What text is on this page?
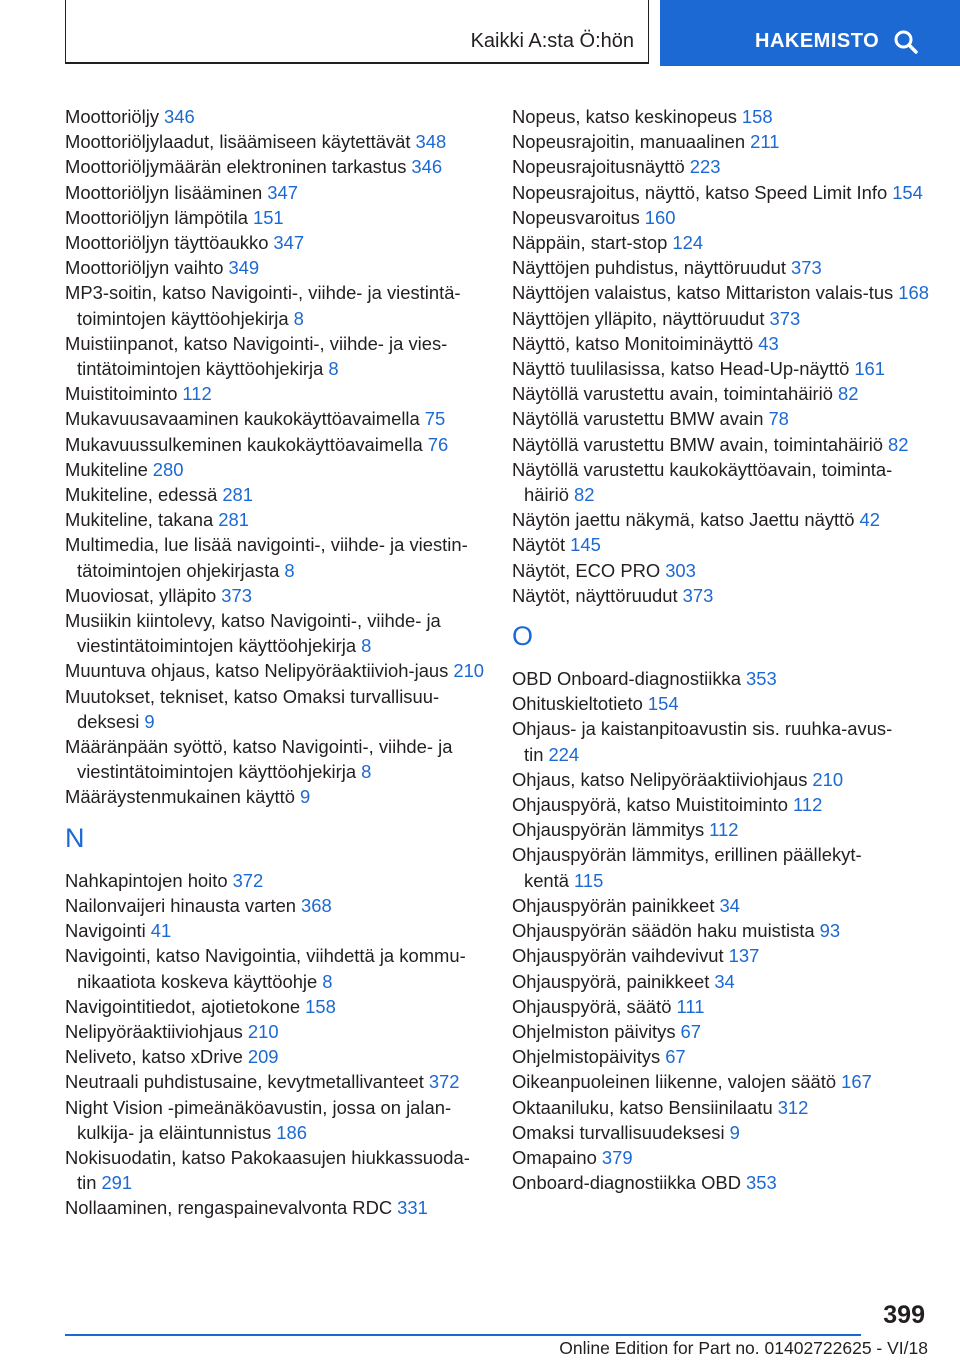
Kaikki A:sta Ö:hön	HAKEMISTO
Moottoriöljy 346
Moottoriöljylaadut, lisäämiseen käytettävät 348
Moottoriöljymäärän elektroninen tarkastus 346
Moottoriöljyn lisääminen 347
Moottoriöljyn lämpötila 151
Moottoriöljyn täyttöaukko 347
Moottoriöljyn vaihto 349
MP3-soitin, katso Navigointi-, viihde- ja viestintä-toimintojen käyttöohjekirja 8
Muistiinpanot, katso Navigointi-, viihde- ja vies-tintätoimintojen käyttöohjekirja 8
Muistitoiminto 112
Mukavuusavaaminen kaukokäyttöavaimella 75
Mukavuussulkeminen kaukokäyttöavaimella 76
Mukiteline 280
Mukiteline, edessä 281
Mukiteline, takana 281
Multimedia, lue lisää navigointi-, viihde- ja viestin-tätoimintojen ohjekirjasta 8
Muoviosat, ylläpito 373
Musiikin kiintolevy, katso Navigointi-, viihde- ja viestintätoimintojen käyttöohjekirja 8
Muuntuva ohjaus, katso Nelipyöräaktiivioh-jaus 210
Muutokset, tekniset, katso Omaksi turvallisuu-deksesi 9
Määränpään syöttö, katso Navigointi-, viihde- ja viestintätoimintojen käyttöohjekirja 8
Määräystenmukainen käyttö 9
N
Nahkapintojen hoito 372
Nailonvaijeri hinausta varten 368
Navigointi 41
Navigointi, katso Navigointia, viihdettä ja kommu-nikaatiota koskeva käyttöohje 8
Navigointitiedot, ajotietokone 158
Nelipyöräaktiiviohjaus 210
Neliveto, katso xDrive 209
Neutraali puhdistusaine, kevytmetallivanteet 372
Night Vision -pimeänäköavustin, jossa on jalan-kulkija- ja eläintunnistus 186
Nokisuodatin, katso Pakokaasujen hiukkassuoda-tin 291
Nollaaminen, rengaspainevalvonta RDC 331
Nopeus, katso keskinopeus 158
Nopeusrajoitin, manuaalinen 211
Nopeusrajoitusnäyttö 223
Nopeusrajoitus, näyttö, katso Speed Limit Info 154
Nopeusvaroitus 160
Näppäin, start-stop 124
Näyttöjen puhdistus, näyttöruudut 373
Näyttöjen valaistus, katso Mittariston valais-tus 168
Näyttöjen ylläpito, näyttöruudut 373
Näyttö, katso Monitoiminäyttö 43
Näyttö tuulilasissa, katso Head-Up-näyttö 161
Näytöllä varustettu avain, toimintahäiriö 82
Näytöllä varustettu BMW avain 78
Näytöllä varustettu BMW avain, toimintahäiriö 82
Näytöllä varustettu kaukokäyttöavain, toiminta-häiriö 82
Näytön jaettu näkymä, katso Jaettu näyttö 42
Näytöt 145
Näytöt, ECO PRO 303
Näytöt, näyttöruudut 373
O
OBD Onboard-diagnostiikka 353
Ohituskieltotieto 154
Ohjaus- ja kaistanpitoavustin sis. ruuhka-avus-tin 224
Ohjaus, katso Nelipyöräaktiiviohjaus 210
Ohjauspyörä, katso Muistitoiminto 112
Ohjauspyörän lämmitys 112
Ohjauspyörän lämmitys, erillinen päällekyt-kentä 115
Ohjauspyörän painikkeet 34
Ohjauspyörän säädön haku muistista 93
Ohjauspyörän vaihdevivut 137
Ohjauspyörä, painikkeet 34
Ohjauspyörä, säätö 111
Ohjelmiston päivitys 67
Ohjelmistopäivitys 67
Oikeanpuoleinen liikenne, valojen säätö 167
Oktaaniluku, katso Bensiinilaatu 312
Omaksi turvallisuudeksesi 9
Omapaino 379
Onboard-diagnostiikka OBD 353
399
Online Edition for Part no. 01402722625 - VI/18
